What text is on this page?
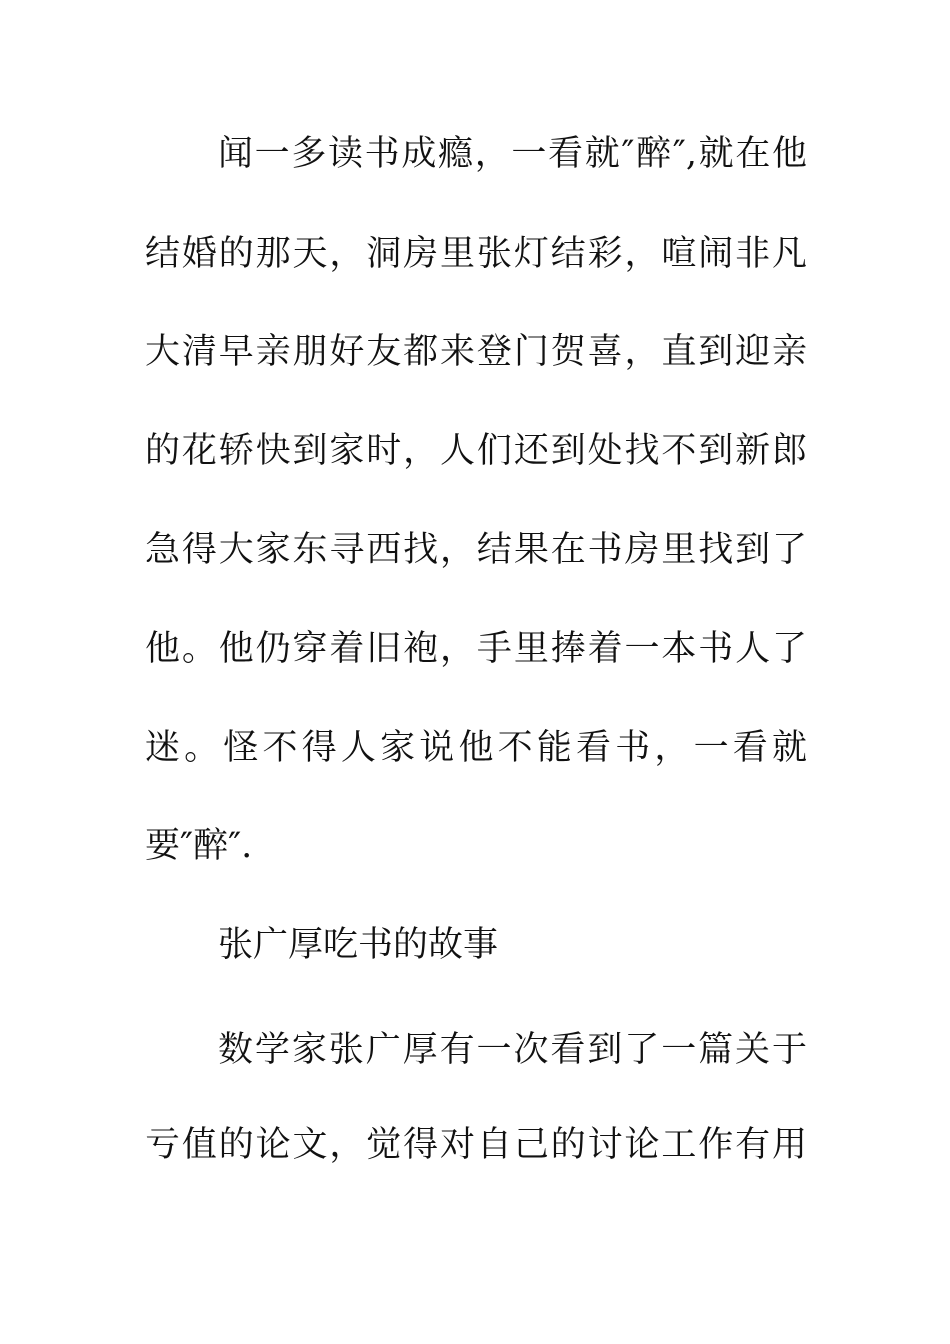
闻一多读书成瘾，一看就″醉″,就在他
结婚的那天，洞房里张灯结彩，喧闹非凡
大清早亲朋好友都来登门贺喜，直到迎亲
的花轿快到家时，人们还到处找不到新郎
急得大家东寻西找，结果在书房里找到了
他。他仍穿着旧袍，手里捧着一本书人了
迷。怪不得人家说他不能看书，一看就
要″醉″.
张广厚吃书的故事
数学家张广厚有一次看到了一篇关于
亏值的论文，觉得对自己的讨论工作有用
